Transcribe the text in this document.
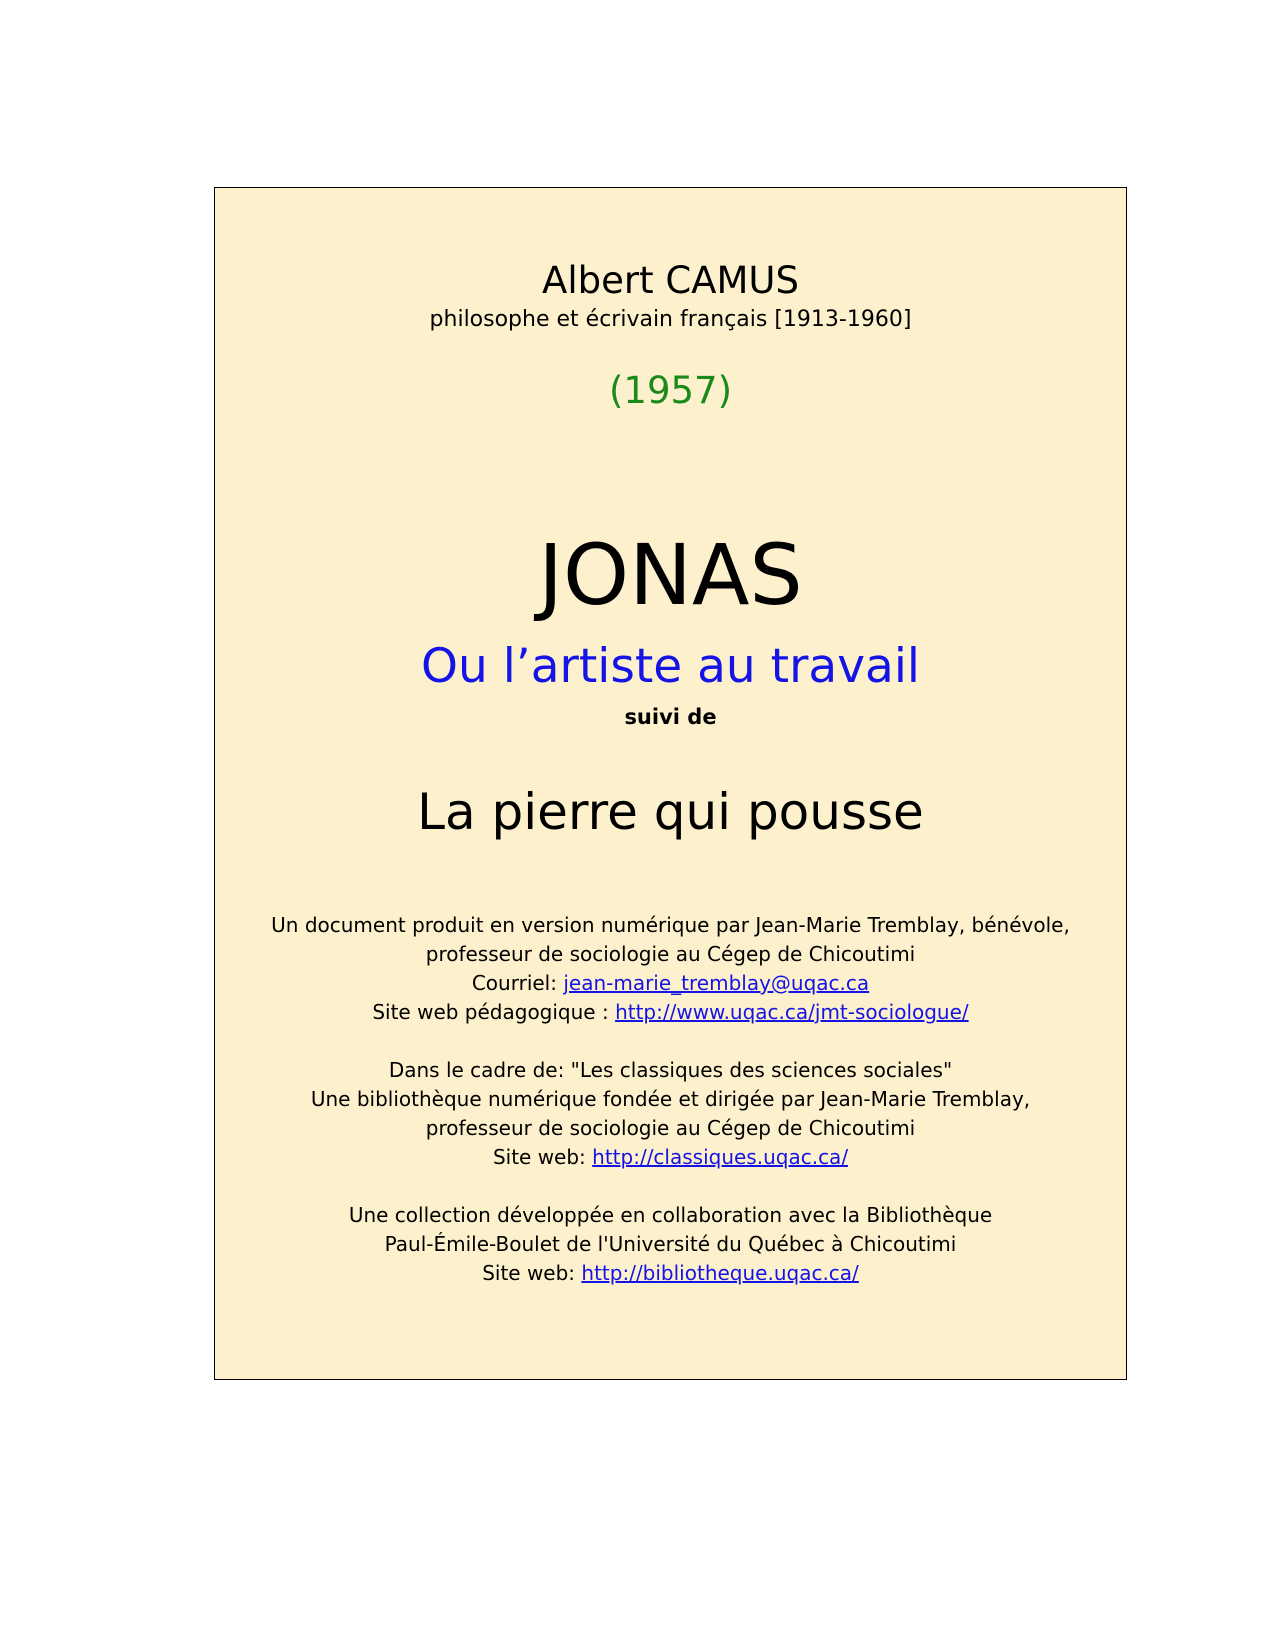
Albert CAMUS
philosophe et écrivain français [1913-1960]
(1957)
JONAS
Ou l’artiste au travail
suivi de
La pierre qui pousse
Un document produit en version numérique par Jean-Marie Tremblay, bénévole,
professeur de sociologie au Cégep de Chicoutimi
Courriel: jean-marie_tremblay@uqac.ca
Site web pédagogique : http://www.uqac.ca/jmt-sociologue/
Dans le cadre de: "Les classiques des sciences sociales"
Une bibliothèque numérique fondée et dirigée par Jean-Marie Tremblay,
professeur de sociologie au Cégep de Chicoutimi
Site web: http://classiques.uqac.ca/
Une collection développée en collaboration avec la Bibliothèque
Paul-Émile-Boulet de l'Université du Québec à Chicoutimi
Site web: http://bibliotheque.uqac.ca/
